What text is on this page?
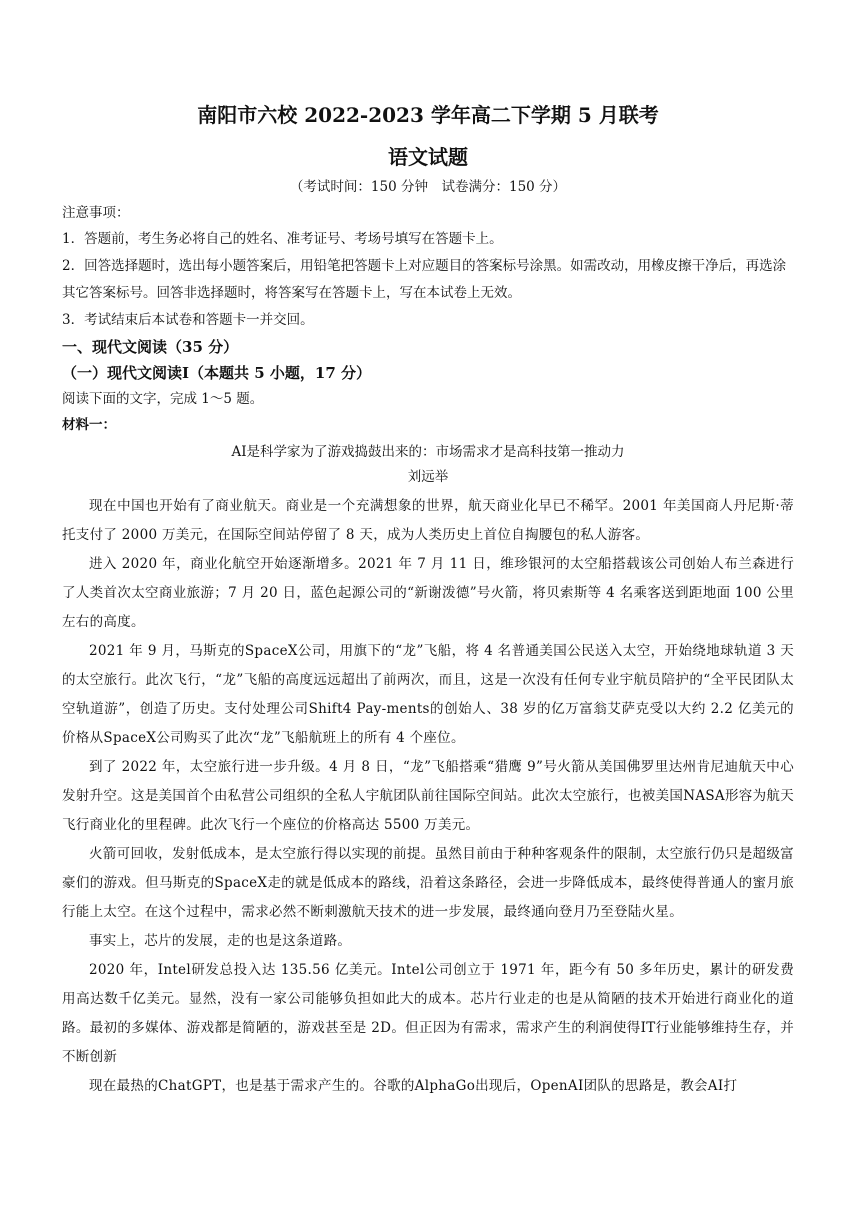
南阳市六校 2022-2023 学年高二下学期 5 月联考
语文试题

（考试时间：150 分钟　试卷满分：150 分）

注意事项：

1．答题前，考生务必将自己的姓名、准考证号、考场号填写在答题卡上。

2．回答选择题时，选出每小题答案后，用铅笔把答题卡上对应题目的答案标号涂黑。如需改动，用橡皮擦干净后，再选涂其它答案标号。回答非选择题时，将答案写在答题卡上，写在本试卷上无效。

3．考试结束后本试卷和答题卡一并交回。

一、现代文阅读（35 分）

（一）现代文阅读I（本题共 5 小题，17 分）

阅读下面的文字，完成 1～5 题。

材料一：

AI是科学家为了游戏捣鼓出来的：市场需求才是高科技第一推动力

刘远举

现在中国也开始有了商业航天。商业是一个充满想象的世界，航天商业化早已不稀罕。2001 年美国商人丹尼斯·蒂托支付了 2000 万美元，在国际空间站停留了 8 天，成为人类历史上首位自掏腰包的私人游客。

进入 2020 年，商业化航空开始逐渐增多。2021 年 7 月 11 日，维珍银河的太空船搭载该公司创始人布兰森进行了人类首次太空商业旅游；7 月 20 日，蓝色起源公司的“新谢泼德”号火箭，将贝索斯等 4 名乘客送到距地面 100 公里左右的高度。

2021 年 9 月，马斯克的SpaceX公司，用旗下的“龙”飞船，将 4 名普通美国公民送入太空，开始绕地球轨道 3 天的太空旅行。此次飞行，“龙”飞船的高度远远超出了前两次，而且，这是一次没有任何专业宇航员陪护的“全平民团队太空轨道游”，创造了历史。支付处理公司Shift4 Pay-ments的创始人、38 岁的亿万富翁艾萨克受以大约 2.2 亿美元的价格从SpaceX公司购买了此次“龙”飞船航班上的所有 4 个座位。

到了 2022 年，太空旅行进一步升级。4 月 8 日，“龙”飞船搭乘“猎鹰 9”号火箭从美国佛罗里达州肯尼迪航天中心发射升空。这是美国首个由私营公司组织的全私人宇航团队前往国际空间站。此次太空旅行，也被美国NASA形容为航天飞行商业化的里程碑。此次飞行一个座位的价格高达 5500 万美元。

火箭可回收，发射低成本，是太空旅行得以实现的前提。虽然目前由于种种客观条件的限制，太空旅行仍只是超级富豪们的游戏。但马斯克的SpaceX走的就是低成本的路线，沿着这条路径，会进一步降低成本，最终使得普通人的蜜月旅行能上太空。在这个过程中，需求必然不断刺激航天技术的进一步发展，最终通向登月乃至登陆火星。

事实上，芯片的发展，走的也是这条道路。

2020 年，Intel研发总投入达 135.56 亿美元。Intel公司创立于 1971 年，距今有 50 多年历史，累计的研发费用高达数千亿美元。显然，没有一家公司能够负担如此大的成本。芯片行业走的也是从简陋的技术开始进行商业化的道路。最初的多媒体、游戏都是简陋的，游戏甚至是 2D。但正因为有需求，需求产生的利润使得IT行业能够维持生存，并不断创新

现在最热的ChatGPT，也是基于需求产生的。谷歌的AlphaGo出现后，OpenAI团队的思路是，教会AI打
